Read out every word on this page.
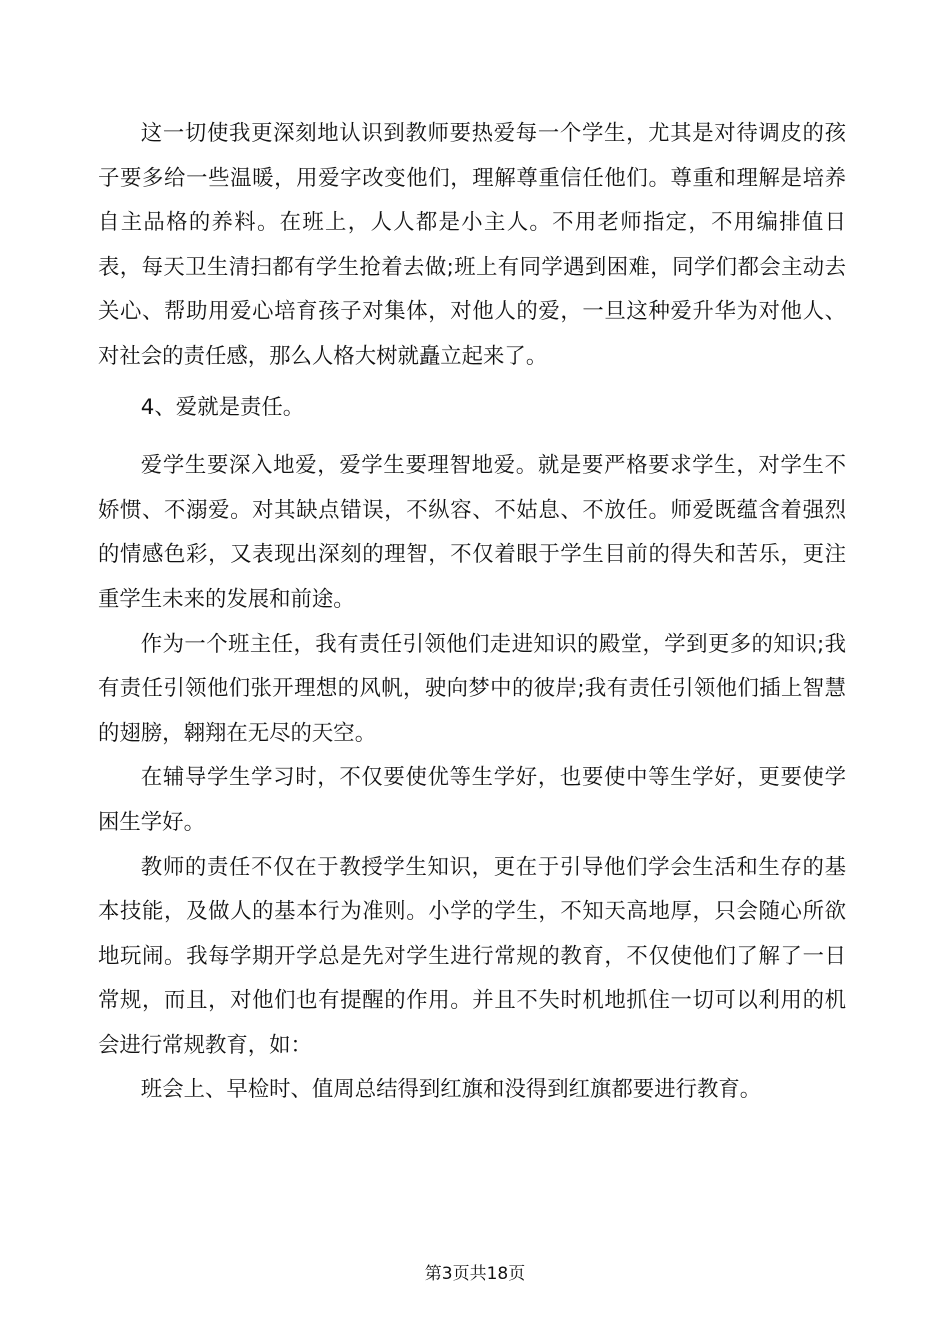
这一切使我更深刻地认识到教师要热爱每一个学生，尤其是对待调皮的孩子要多给一些温暖，用爱字改变他们，理解尊重信任他们。尊重和理解是培养自主品格的养料。在班上，人人都是小主人。不用老师指定，不用编排值日表，每天卫生清扫都有学生抢着去做;班上有同学遇到困难，同学们都会主动去关心、帮助用爱心培育孩子对集体，对他人的爱，一旦这种爱升华为对他人、对社会的责任感，那么人格大树就矗立起来了。

4、爱就是责任。

爱学生要深入地爱，爱学生要理智地爱。就是要严格要求学生，对学生不娇惯、不溺爱。对其缺点错误，不纵容、不姑息、不放任。师爱既蕴含着强烈的情感色彩，又表现出深刻的理智，不仅着眼于学生目前的得失和苦乐，更注重学生未来的发展和前途。

作为一个班主任，我有责任引领他们走进知识的殿堂，学到更多的知识;我有责任引领他们张开理想的风帆，驶向梦中的彼岸;我有责任引领他们插上智慧的翅膀，翱翔在无尽的天空。

在辅导学生学习时，不仅要使优等生学好，也要使中等生学好，更要使学困生学好。

教师的责任不仅在于教授学生知识，更在于引导他们学会生活和生存的基本技能，及做人的基本行为准则。小学的学生，不知天高地厚，只会随心所欲地玩闹。我每学期开学总是先对学生进行常规的教育，不仅使他们了解了一日常规，而且，对他们也有提醒的作用。并且不失时机地抓住一切可以利用的机会进行常规教育，如：

班会上、早检时、值周总结得到红旗和没得到红旗都要进行教育。

第3页共18页
